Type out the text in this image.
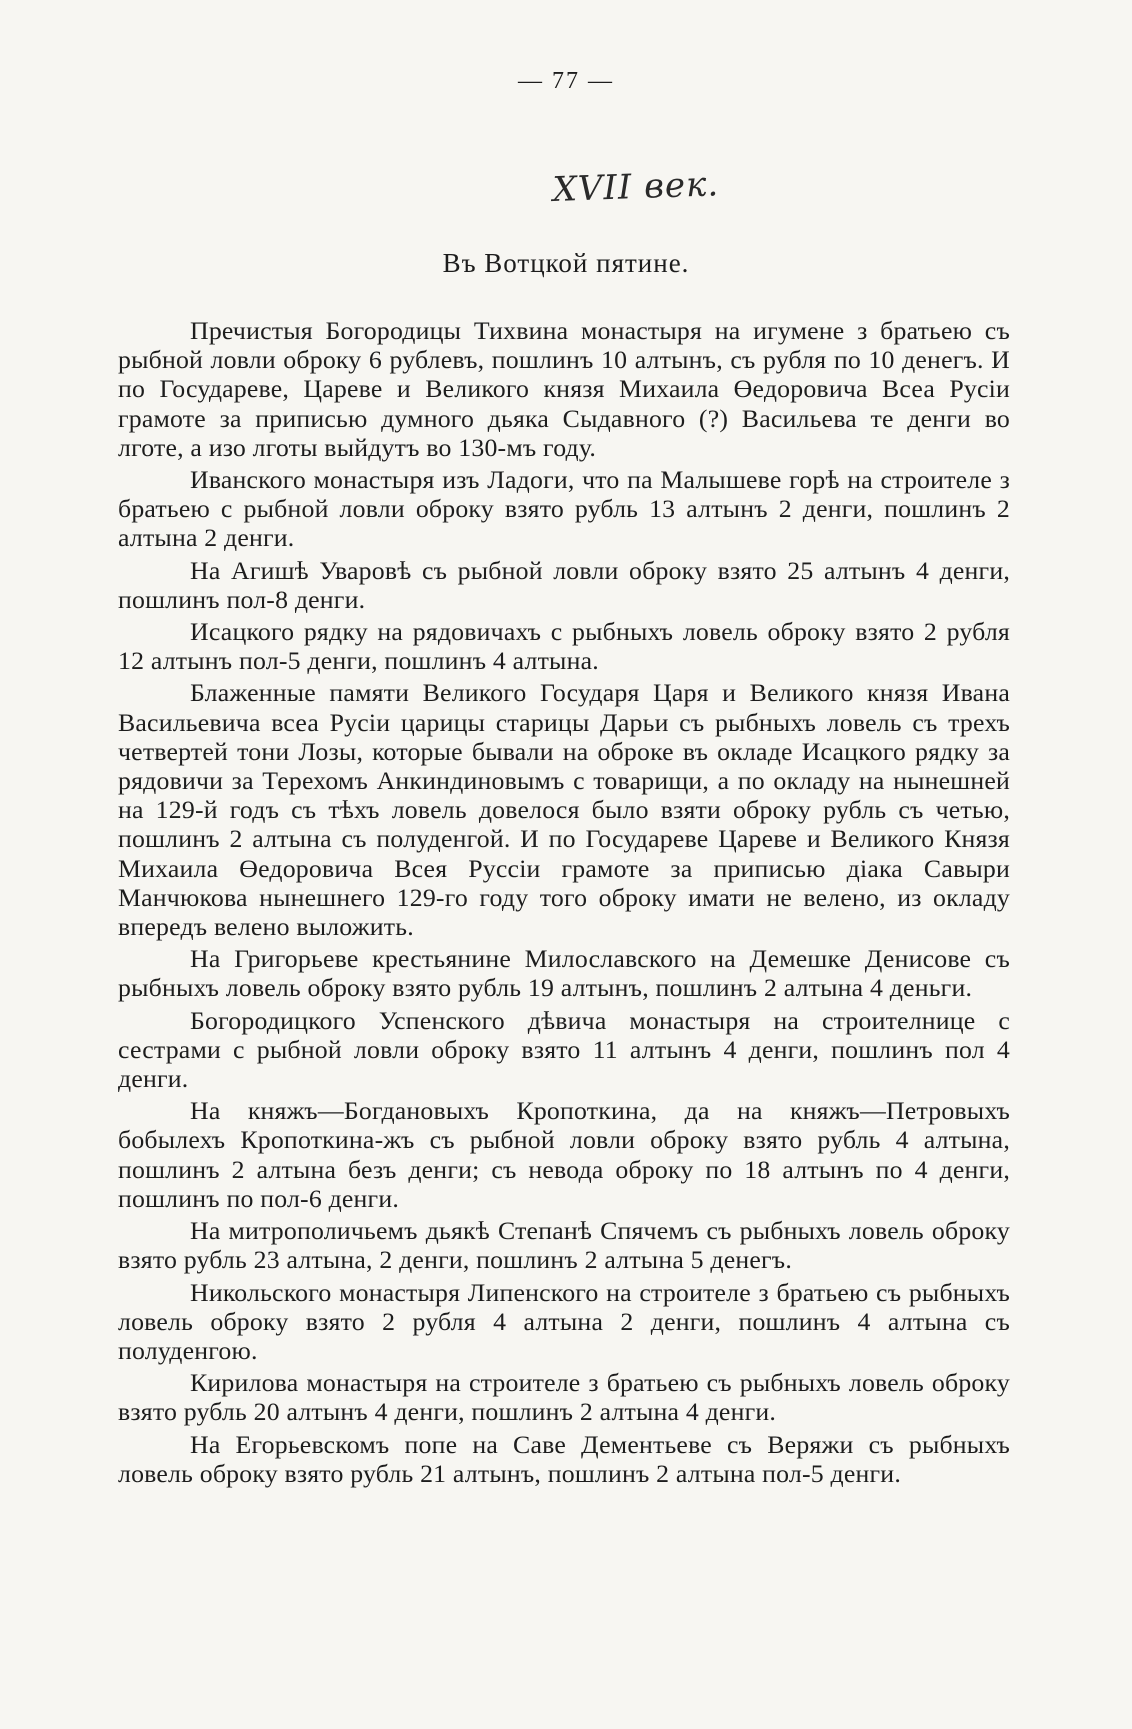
— 77 —
XVII век.
Въ Вотцкой пятине.

Пречистыя Богородицы Тихвина монастыря на игумене з братьею съ рыбной ловли оброку 6 рублевъ, пошлинъ 10 алтынъ, съ рубля по 10 денегъ. И по Государеве, Цареве и Великого князя Михаила Өедоровича Всеа Русіи грамоте за приписью думного дьяка Сыдавного (?) Васильева те денги во лготе, а изо лготы выйдутъ во 130-мъ году.

Иванского монастыря изъ Ладоги, что па Малышеве горѣ на строителе з братьею с рыбной ловли оброку взято рубль 13 алтынъ 2 денги, пошлинъ 2 алтына 2 денги.

На Агишѣ Уваровѣ съ рыбной ловли оброку взято 25 алтынъ 4 денги, пошлинъ пол-8 денги.

Исацкого рядку на рядовичахъ с рыбныхъ ловель оброку взято 2 рубля 12 алтынъ пол-5 денги, пошлинъ 4 алтына.

Блаженные памяти Великого Государя Царя и Великого князя Ивана Васильевича всеа Русіи царицы старицы Дарьи съ рыбныхъ ловель съ трехъ четвертей тони Лозы, которые бывали на оброке въ окладе Исацкого рядку за рядовичи за Терехомъ Анкиндиновымъ с товарищи, а по окладу на нынешней на 129-й годъ съ тѣхъ ловель довелося было взяти оброку рубль съ четью, пошлинъ 2 алтына съ полуденгой. И по Государеве Цареве и Великого Князя Михаила Өедоровича Всея Руссіи грамоте за приписью діака Савыри Манчюкова нынешнего 129-го году того оброку имати не велено, из окладу впередъ велено выложить.

На Григорьеве крестьянине Милославского на Демешке Денисове съ рыбныхъ ловель оброку взято рубль 19 алтынъ, пошлинъ 2 алтына 4 деньги.

Богородицкого Успенского дѣвича монастыря на строителнице с сестрами с рыбной ловли оброку взято 11 алтынъ 4 денги, пошлинъ пол 4 денги.

На княжъ—Богдановыхъ Кропоткина, да на княжъ—Петровыхъ бобылехъ Кропоткина-жъ съ рыбной ловли оброку взято рубль 4 алтына, пошлинъ 2 алтына безъ денги; съ невода оброку по 18 алтынъ по 4 денги, пошлинъ по пол-6 денги.

На митрополичьемъ дьякѣ Степанѣ Спячемъ съ рыбныхъ ловель оброку взято рубль 23 алтына, 2 денги, пошлинъ 2 алтына 5 денегъ.

Никольского монастыря Липенского на строителе з братьею съ рыбныхъ ловель оброку взято 2 рубля 4 алтына 2 денги, пошлинъ 4 алтына съ полуденгою.

Кирилова монастыря на строителе з братьею съ рыбныхъ ловель оброку взято рубль 20 алтынъ 4 денги, пошлинъ 2 алтына 4 денги.

На Егорьевскомъ попе на Саве Дементьеве съ Веряжи съ рыбныхъ ловель оброку взято рубль 21 алтынъ, пошлинъ 2 алтына пол-5 денги.
